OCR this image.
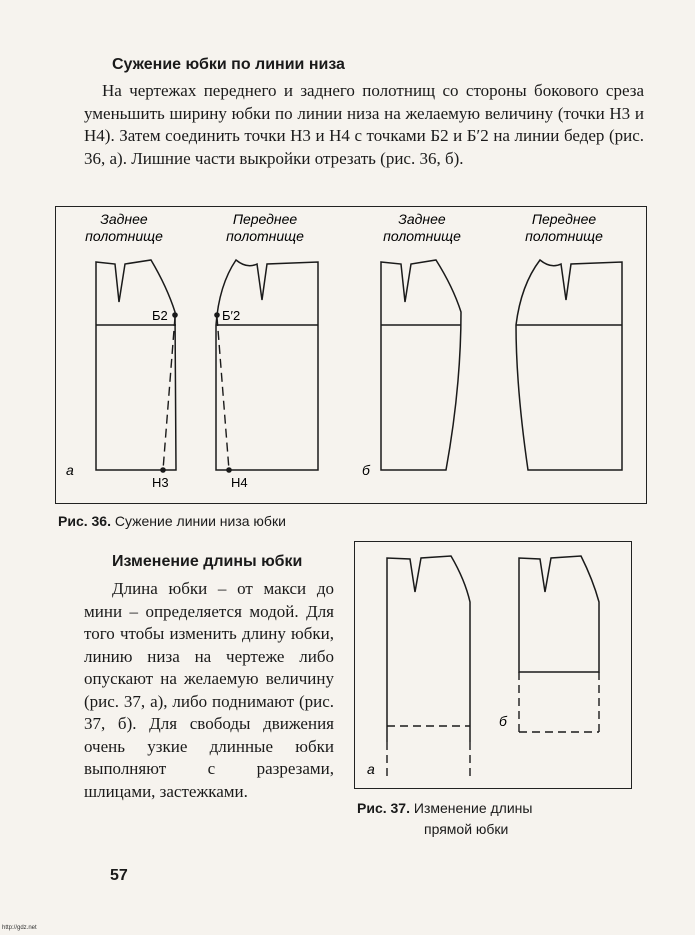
Сужение юбки по линии низа
На чертежах переднего и заднего полотнищ со стороны бокового среза уменьшить ширину юбки по линии низа на желаемую величину (точки Н3 и Н4). Затем соединить точки Н3 и Н4 с точками Б2 и Б′2 на линии бедер (рис. 36, а). Лишние части выкройки отрезать (рис. 36, б).
Заднее
полотнище
Переднее
полотнище
Заднее
полотнище
Переднее
полотнище
Б2	Б′2
Н3	Н4
а	б
Рис. 36. Сужение линии низа юбки
Изменение длины юбки
Длина юбки – от макси до мини – определяется модой. Для того чтобы изменить длину юбки, линию низа на чертеже либо опускают на желаемую величину (рис. 37, а), либо поднимают (рис. 37, б). Для свободы движения очень узкие длинные юбки выполняют с разрезами, шлицами, застежками.
а
б
Рис. 37. Изменение длины
прямой юбки
57
http://gdz.net
